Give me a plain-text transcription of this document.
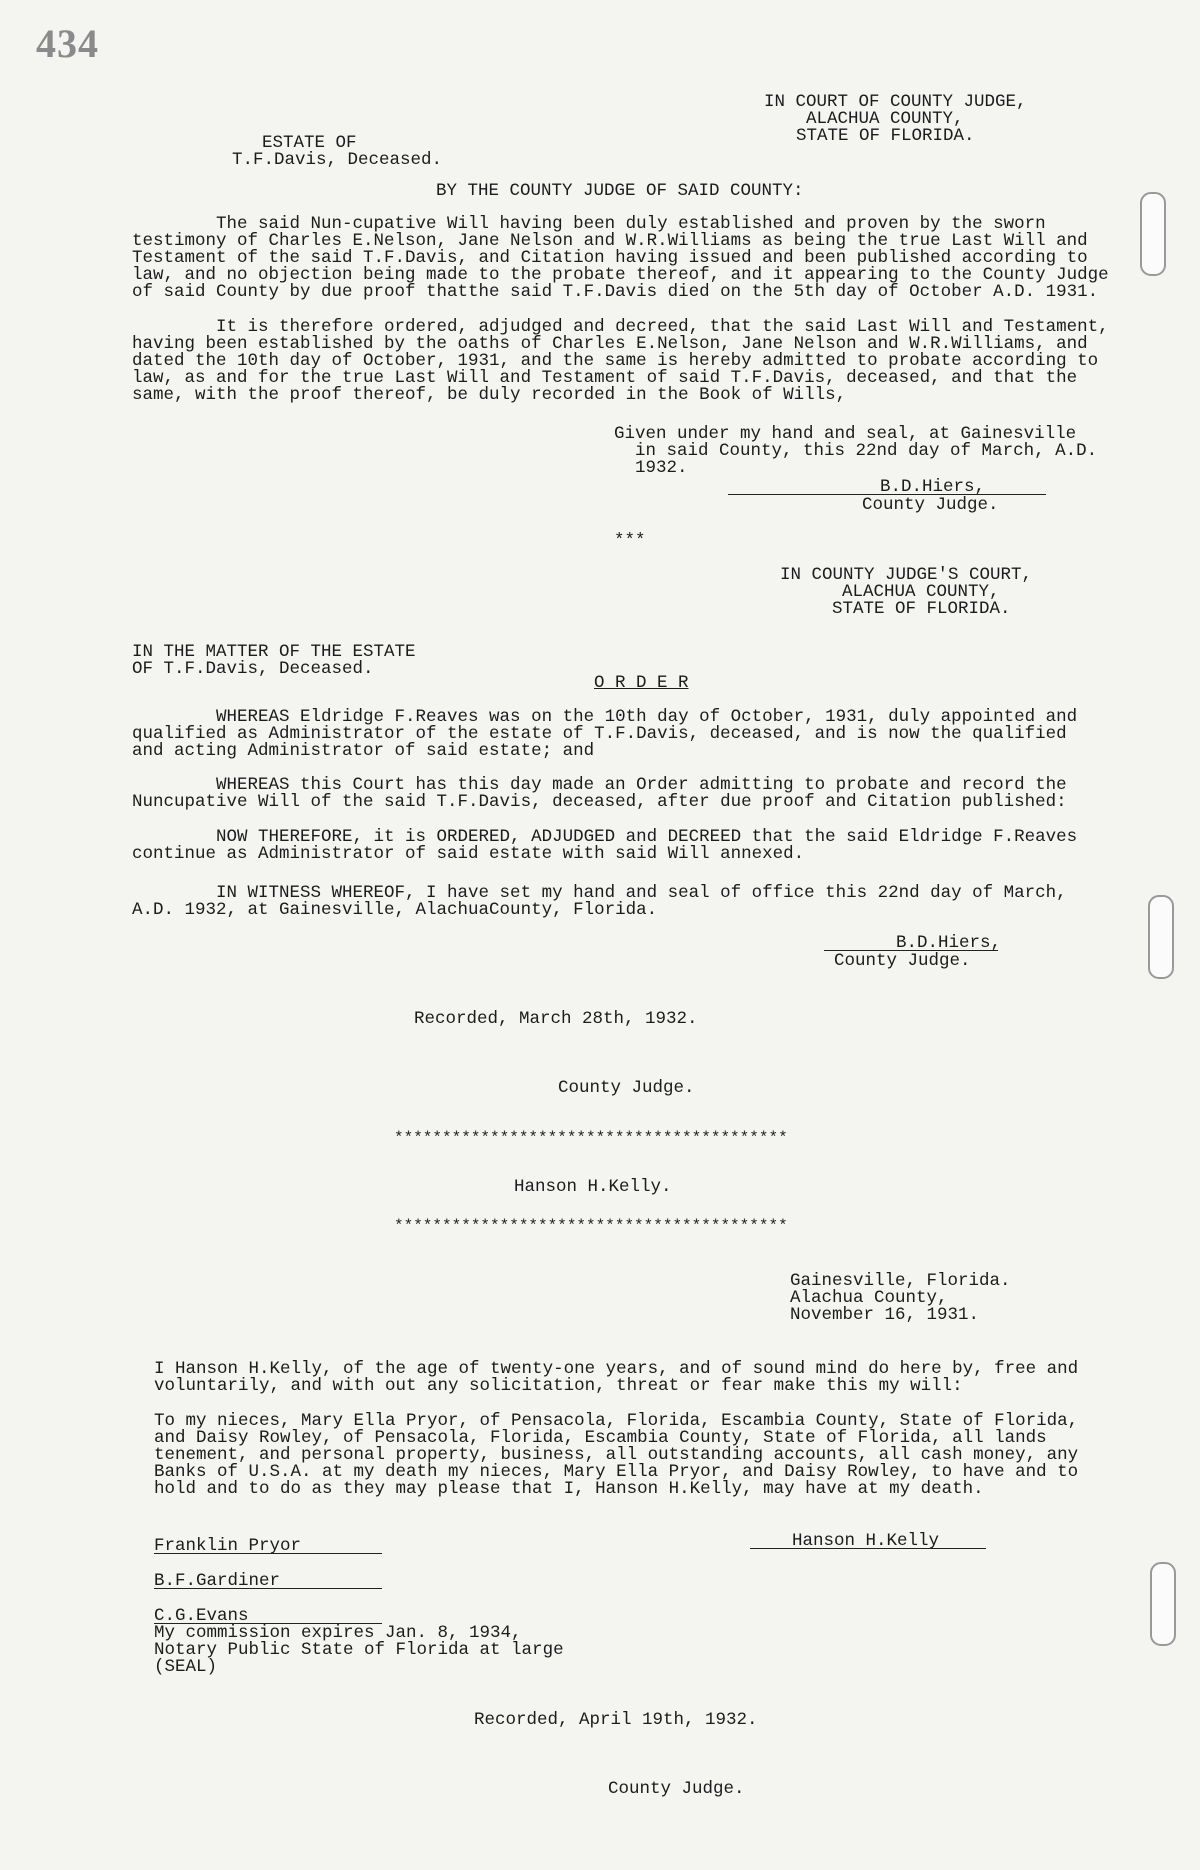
434
IN COURT OF COUNTY JUDGE,
ALACHUA COUNTY,
STATE OF FLORIDA.
ESTATE OF
T.F.Davis, Deceased.
BY THE COUNTY JUDGE OF SAID COUNTY:
The said Nun-cupative Will having been duly established and proven by the sworn
testimony of Charles E.Nelson, Jane Nelson and W.R.Williams as being the true Last Will and
Testament of the said T.F.Davis, and Citation having issued and been published according to
law, and no objection being made to the probate thereof, and it appearing to the County Judge
of said County by due proof thatthe said T.F.Davis died on the 5th day of October A.D. 1931.
It is therefore ordered, adjudged and decreed, that the said Last Will and Testament,
having been established by the oaths of Charles E.Nelson, Jane Nelson and W.R.Williams, and
dated the 10th day of October, 1931, and the same is hereby admitted to probate according to
law, as and for the true Last Will and Testament of said T.F.Davis, deceased, and that the
same, with the proof thereof, be duly recorded in the Book of Wills,
Given under my hand and seal, at Gainesville
in said County, this 22nd day of March, A.D.
1932.
B.D.Hiers,
County Judge.
***
IN COUNTY JUDGE'S COURT,
ALACHUA COUNTY,
STATE OF FLORIDA.
IN THE MATTER OF THE ESTATE
OF T.F.Davis, Deceased.
O R D E R
WHEREAS Eldridge F.Reaves was on the 10th day of October, 1931, duly appointed and
qualified as Administrator of the estate of T.F.Davis, deceased, and is now the qualified
and acting Administrator of said estate; and
WHEREAS this Court has this day made an Order admitting to probate and record the
Nuncupative Will of the said T.F.Davis, deceased, after due proof and Citation published:
NOW THEREFORE, it is ORDERED, ADJUDGED and DECREED that the said Eldridge F.Reaves
continue as Administrator of said estate with said Will annexed.
IN WITNESS WHEREOF, I have set my hand and seal of office this 22nd day of March,
A.D. 1932, at Gainesville, AlachuaCounty, Florida.
B.D.Hiers,
County Judge.
Recorded, March 28th, 1932.
County Judge.
*****************************************
Hanson H.Kelly.
*****************************************
Gainesville, Florida.
Alachua County,
November 16, 1931.
I Hanson H.Kelly, of the age of twenty-one years, and of sound mind do here by, free and
voluntarily, and with out any solicitation, threat or fear make this my will:
To my nieces, Mary Ella Pryor, of Pensacola, Florida, Escambia County, State of Florida,
and Daisy Rowley, of Pensacola, Florida, Escambia County, State of Florida, all lands
tenement, and personal property, business, all outstanding accounts, all cash money, any
Banks of U.S.A. at my death my nieces, Mary Ella Pryor, and Daisy Rowley, to have and to
hold and to do as they may please that I, Hanson H.Kelly, may have at my death.
Franklin Pryor	Hanson H.Kelly
B.F.Gardiner
C.G.Evans
My commission expires Jan. 8, 1934,
Notary Public State of Florida at large
(SEAL)
Recorded, April 19th, 1932.
County Judge.
